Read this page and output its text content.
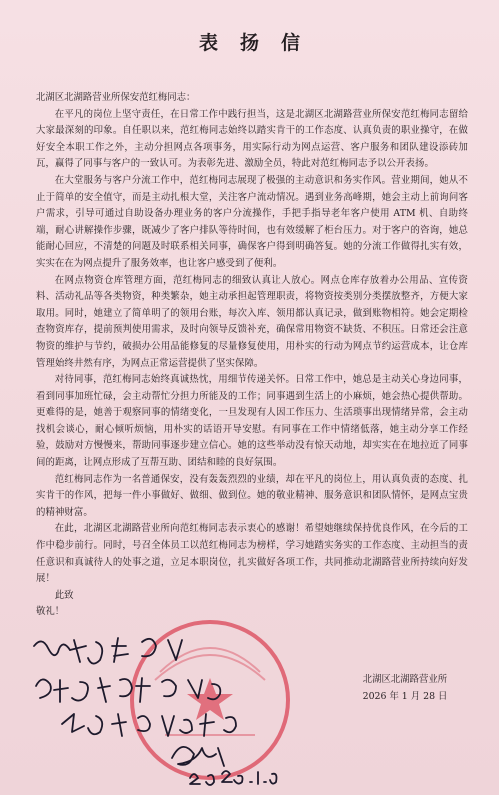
表扬信

北湖区北湖路营业所保安范红梅同志：

在平凡的岗位上坚守责任，在日常工作中践行担当，这是北湖区北湖路营业所保安范红梅同志留给大家最深刻的印象。自任职以来，范红梅同志始终以踏实肯干的工作态度、认真负责的职业操守，在做好安全本职工作之外，主动分担网点各项事务，用实际行动为网点运营、客户服务和团队建设添砖加瓦，赢得了同事与客户的一致认可。为表彰先进、激励全员，特此对范红梅同志予以公开表扬。

在大堂服务与客户分流工作中，范红梅同志展现了极强的主动意识和务实作风。营业期间，她从不止于简单的安全值守，而是主动扎根大堂，关注客户流动情况。遇到业务高峰期，她会主动上前询问客户需求，引导可通过自助设备办理业务的客户分流操作，手把手指导老年客户使用 ATM 机、自助终端，耐心讲解操作步骤，既减少了客户排队等待时间，也有效缓解了柜台压力。对于客户的咨询，她总能耐心回应，不清楚的问题及时联系相关同事，确保客户得到明确答复。她的分流工作做得扎实有效，实实在在为网点提升了服务效率，也让客户感受到了便利。

在网点物资仓库管理方面，范红梅同志的细致认真让人放心。网点仓库存放着办公用品、宣传资料、活动礼品等各类物资，种类繁杂，她主动承担起管理职责，将物资按类别分类摆放整齐，方便大家取用。同时，她建立了简单明了的领用台账，每次入库、领用都认真记录，做到账物相符。她会定期检查物资库存，提前预判使用需求，及时向领导反馈补充，确保常用物资不缺货、不积压。日常还会注意物资的维护与节约，破损办公用品能修复的尽量修复使用，用朴实的行动为网点节约运营成本，让仓库管理始终井然有序，为网点正常运营提供了坚实保障。

对待同事，范红梅同志始终真诚热忱，用细节传递关怀。日常工作中，她总是主动关心身边同事，看到同事加班忙碌，会主动帮忙分担力所能及的工作；同事遇到生活上的小麻烦，她会热心提供帮助。更难得的是，她善于观察同事的情绪变化，一旦发现有人因工作压力、生活琐事出现情绪异常，会主动找机会谈心，耐心倾听烦恼，用朴实的话语开导安慰。有同事在工作中情绪低落，她主动分享工作经验，鼓励对方慢慢来，帮助同事逐步建立信心。她的这些举动没有惊天动地，却实实在在地拉近了同事间的距离，让网点形成了互帮互助、团结和睦的良好氛围。

范红梅同志作为一名普通保安，没有轰轰烈烈的业绩，却在平凡的岗位上，用认真负责的态度、扎实肯干的作风，把每一件小事做好、做细、做到位。她的敬业精神、服务意识和团队情怀，是网点宝贵的精神财富。

在此，北湖区北湖路营业所向范红梅同志表示衷心的感谢！希望她继续保持优良作风，在今后的工作中稳步前行。同时，号召全体员工以范红梅同志为榜样，学习她踏实务实的工作态度、主动担当的责任意识和真诚待人的处事之道，立足本职岗位，扎实做好各项工作，共同推动北湖路营业所持续向好发展！

此致

敬礼！

北湖区北湖路营业所
2026 年 1 月 28 日
